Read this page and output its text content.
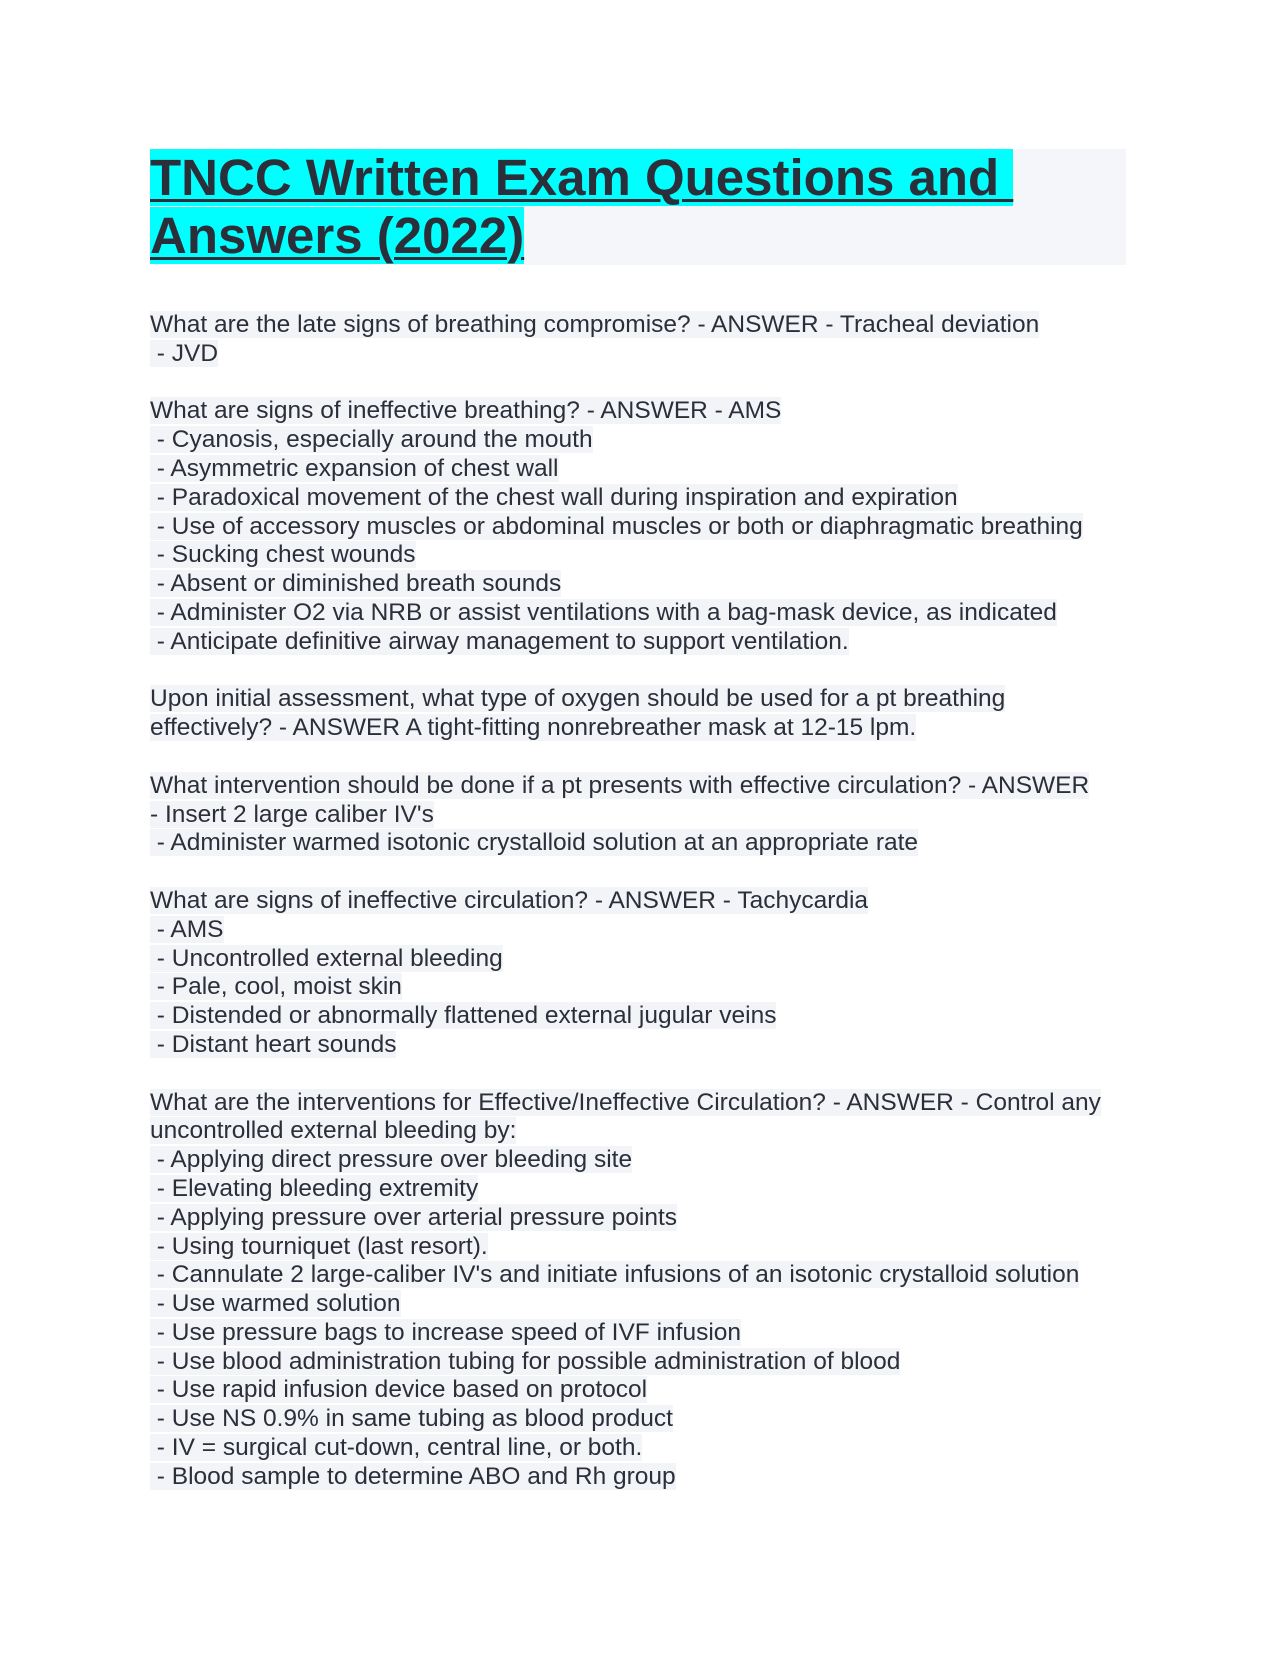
TNCC Written Exam Questions and
Answers (2022)
What are the late signs of breathing compromise? - ANSWER - Tracheal deviation
- JVD
What are signs of ineffective breathing? - ANSWER - AMS
- Cyanosis, especially around the mouth
- Asymmetric expansion of chest wall
- Paradoxical movement of the chest wall during inspiration and expiration
- Use of accessory muscles or abdominal muscles or both or diaphragmatic breathing
- Sucking chest wounds
- Absent or diminished breath sounds
- Administer O2 via NRB or assist ventilations with a bag-mask device, as indicated
- Anticipate definitive airway management to support ventilation.
Upon initial assessment, what type of oxygen should be used for a pt breathing
effectively? - ANSWER A tight-fitting nonrebreather mask at 12-15 lpm.
What intervention should be done if a pt presents with effective circulation? - ANSWER
- Insert 2 large caliber IV's
- Administer warmed isotonic crystalloid solution at an appropriate rate
What are signs of ineffective circulation? - ANSWER - Tachycardia
- AMS
- Uncontrolled external bleeding
- Pale, cool, moist skin
- Distended or abnormally flattened external jugular veins
- Distant heart sounds
What are the interventions for Effective/Ineffective Circulation? - ANSWER - Control any
uncontrolled external bleeding by:
- Applying direct pressure over bleeding site
- Elevating bleeding extremity
- Applying pressure over arterial pressure points
- Using tourniquet (last resort).
- Cannulate 2 large-caliber IV's and initiate infusions of an isotonic crystalloid solution
- Use warmed solution
- Use pressure bags to increase speed of IVF infusion
- Use blood administration tubing for possible administration of blood
- Use rapid infusion device based on protocol
- Use NS 0.9% in same tubing as blood product
- IV = surgical cut-down, central line, or both.
- Blood sample to determine ABO and Rh group
